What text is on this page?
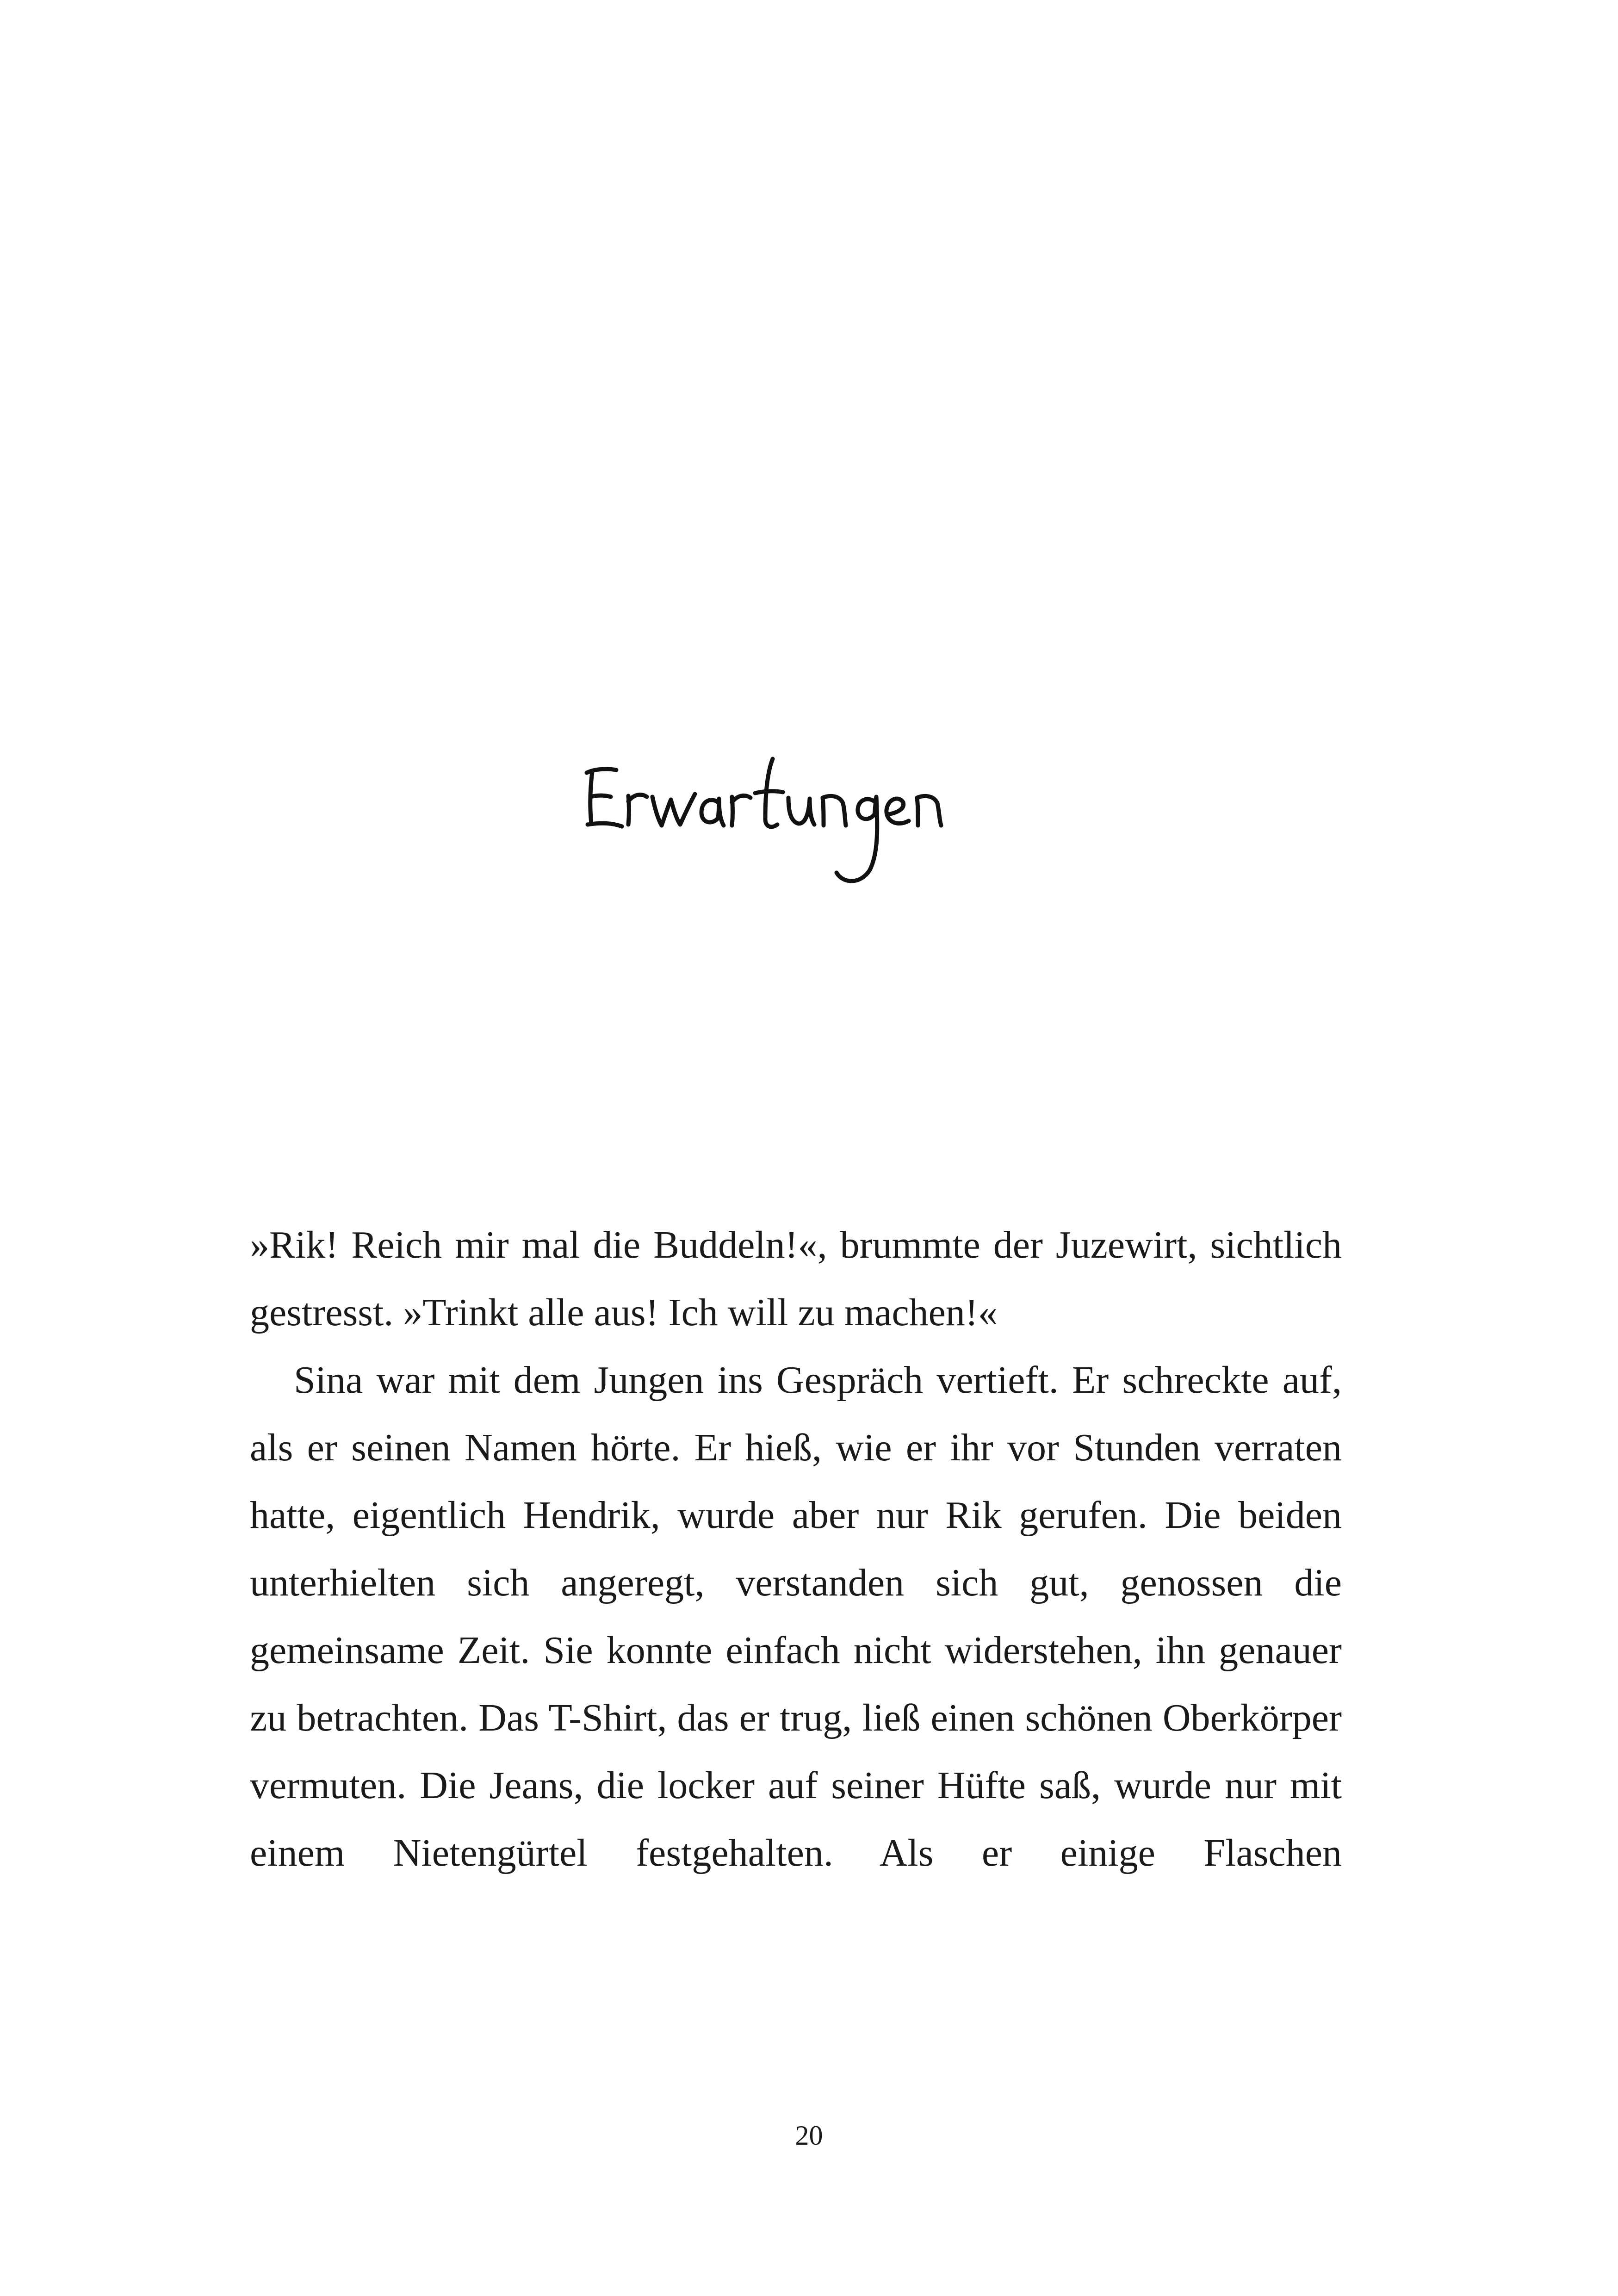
»Rik! Reich mir mal die Buddeln!«, brummte der Juzewirt, sichtlich gestresst. »Trinkt alle aus! Ich will zu machen!«

Sina war mit dem Jungen ins Gespräch vertieft. Er schreckte auf, als er seinen Namen hörte. Er hieß, wie er ihr vor Stunden verraten hatte, eigentlich Hendrik, wurde aber nur Rik gerufen. Die beiden unterhielten sich angeregt, verstanden sich gut, genossen die gemeinsame Zeit. Sie konnte einfach nicht widerstehen, ihn genauer zu betrachten. Das T-Shirt, das er trug, ließ einen schönen Oberkörper vermuten. Die Jeans, die locker auf seiner Hüfte saß, wurde nur mit einem Nietengürtel festgehalten. Als er einige Flaschen

20
